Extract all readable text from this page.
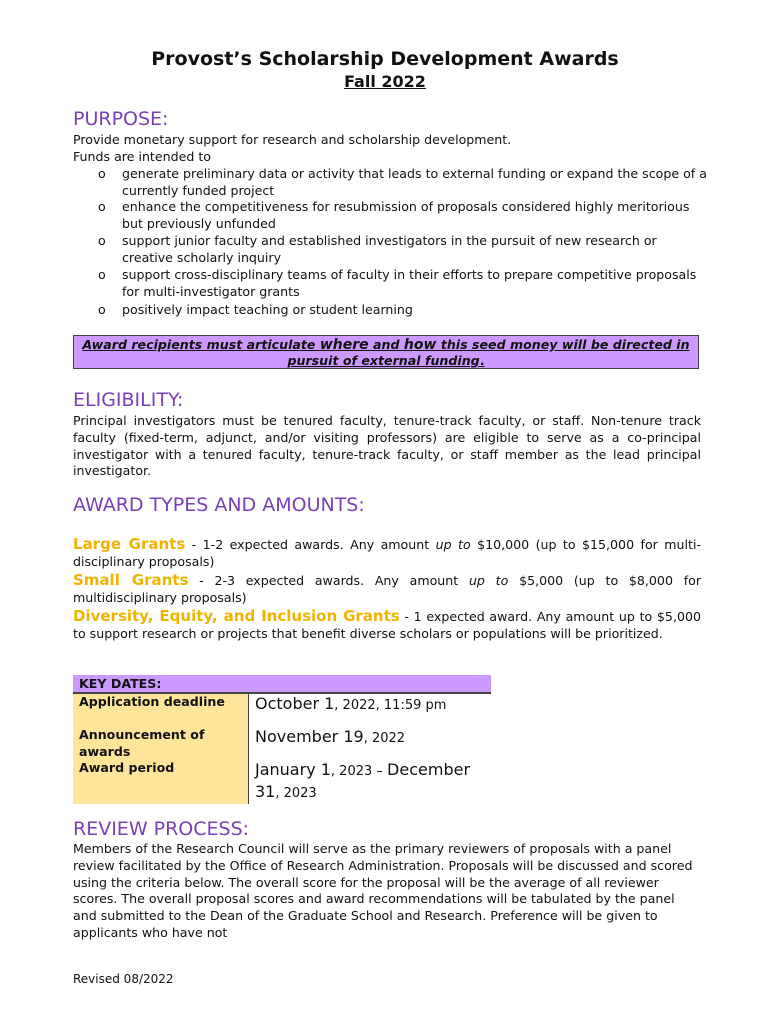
Provost’s Scholarship Development Awards
Fall 2022
PURPOSE:
Provide monetary support for research and scholarship development.
Funds are intended to
o generate preliminary data or activity that leads to external funding or expand the scope of a currently funded project
o enhance the competitiveness for resubmission of proposals considered highly meritorious but previously unfunded
o support junior faculty and established investigators in the pursuit of new research or creative scholarly inquiry
o support cross-disciplinary teams of faculty in their efforts to prepare competitive proposals for multi-investigator grants
o positively impact teaching or student learning
Award recipients must articulate where and how this seed money will be directed in pursuit of external funding.
ELIGIBILITY:
Principal investigators must be tenured faculty, tenure-track faculty, or staff. Non-tenure track faculty (fixed-term, adjunct, and/or visiting professors) are eligible to serve as a co-principal investigator with a tenured faculty, tenure-track faculty, or staff member as the lead principal investigator.
AWARD TYPES AND AMOUNTS:
Large Grants - 1-2 expected awards. Any amount up to $10,000 (up to $15,000 for multi-disciplinary proposals)
Small Grants - 2-3 expected awards. Any amount up to $5,000 (up to $8,000 for multidisciplinary proposals)
Diversity, Equity, and Inclusion Grants - 1 expected award. Any amount up to $5,000 to support research or projects that benefit diverse scholars or populations will be prioritized.
KEY DATES:	
Application deadline	October 1, 2022, 11:59 pm
Announcement of awards	November 19, 2022
Award period	January 1, 2023 – December 31, 2023
REVIEW PROCESS:
Members of the Research Council will serve as the primary reviewers of proposals with a panel review facilitated by the Office of Research Administration. Proposals will be discussed and scored using the criteria below. The overall score for the proposal will be the average of all reviewer scores. The overall proposal scores and award recommendations will be tabulated by the panel and submitted to the Dean of the Graduate School and Research. Preference will be given to applicants who have not
Revised 08/2022
